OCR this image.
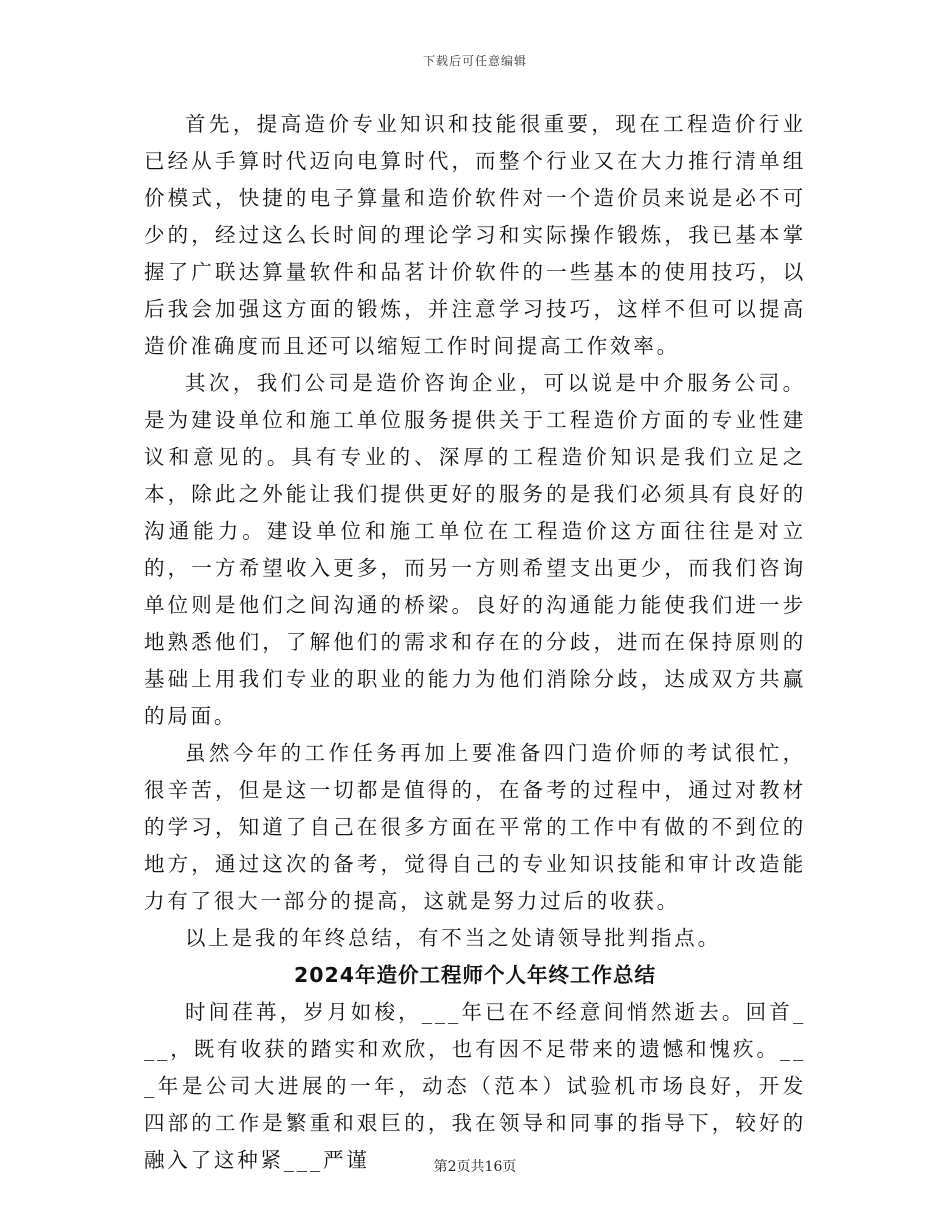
下载后可任意编辑

首先，提高造价专业知识和技能很重要，现在工程造价行业已经从手算时代迈向电算时代，而整个行业又在大力推行清单组价模式，快捷的电子算量和造价软件对一个造价员来说是必不可少的，经过这么长时间的理论学习和实际操作锻炼，我已基本掌握了广联达算量软件和品茗计价软件的一些基本的使用技巧，以后我会加强这方面的锻炼，并注意学习技巧，这样不但可以提高造价准确度而且还可以缩短工作时间提高工作效率。

其次，我们公司是造价咨询企业，可以说是中介服务公司。是为建设单位和施工单位服务提供关于工程造价方面的专业性建议和意见的。具有专业的、深厚的工程造价知识是我们立足之本，除此之外能让我们提供更好的服务的是我们必须具有良好的沟通能力。建设单位和施工单位在工程造价这方面往往是对立的，一方希望收入更多，而另一方则希望支出更少，而我们咨询单位则是他们之间沟通的桥梁。良好的沟通能力能使我们进一步地熟悉他们，了解他们的需求和存在的分歧，进而在保持原则的基础上用我们专业的职业的能力为他们消除分歧，达成双方共赢的局面。

虽然今年的工作任务再加上要准备四门造价师的考试很忙，很辛苦，但是这一切都是值得的，在备考的过程中，通过对教材的学习，知道了自己在很多方面在平常的工作中有做的不到位的地方，通过这次的备考，觉得自己的专业知识技能和审计改造能力有了很大一部分的提高，这就是努力过后的收获。

以上是我的年终总结，有不当之处请领导批判指点。

2024年造价工程师个人年终工作总结

时间荏苒，岁月如梭，___年已在不经意间悄然逝去。回首___，既有收获的踏实和欢欣，也有因不足带来的遗憾和愧疚。___年是公司大进展的一年，动态（范本）试验机市场良好，开发四部的工作是繁重和艰巨的，我在领导和同事的指导下，较好的融入了这种紧___严谨	第2页共16页
